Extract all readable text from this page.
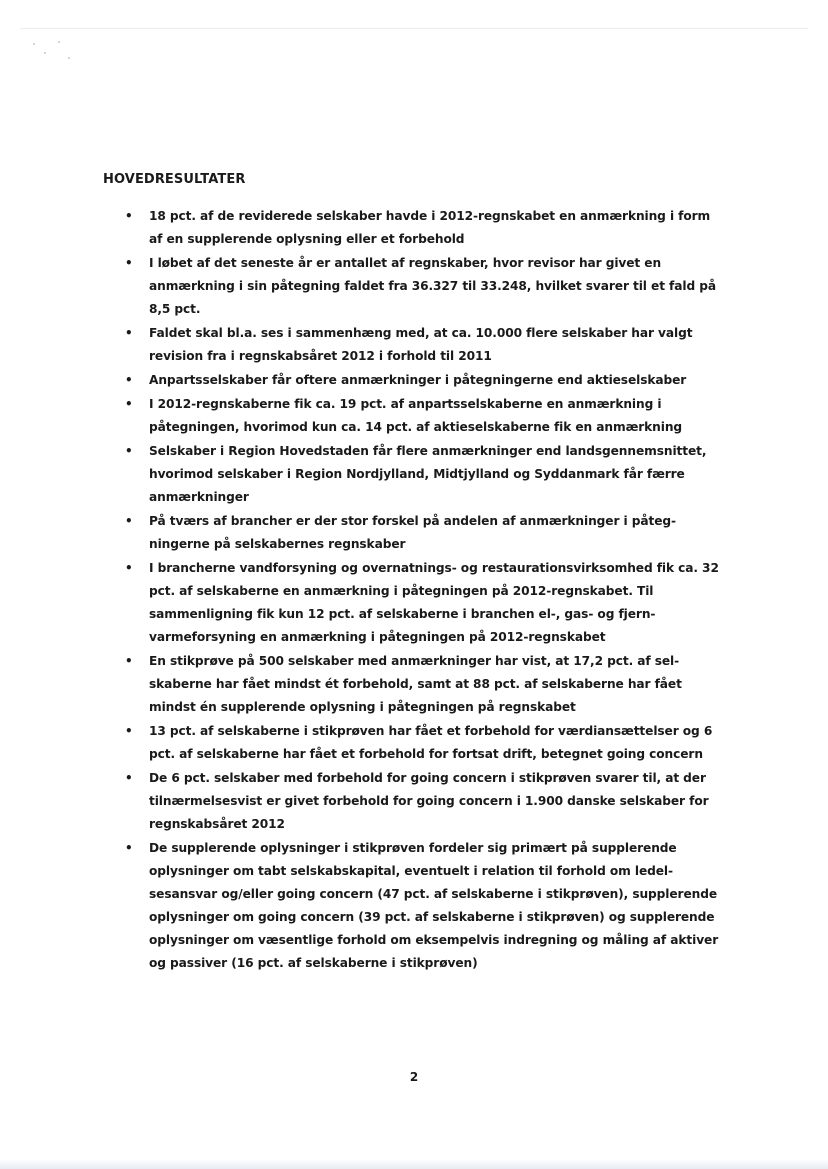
HOVEDRESULTATER
• 18 pct. af de reviderede selskaber havde i 2012-regnskabet en anmærkning i form af en supplerende oplysning eller et forbehold
• I løbet af det seneste år er antallet af regnskaber, hvor revisor har givet en anmærkning i sin påtegning faldet fra 36.327 til 33.248, hvilket svarer til et fald på 8,5 pct.
• Faldet skal bl.a. ses i sammenhæng med, at ca. 10.000 flere selskaber har valgt revision fra i regnskabsåret 2012 i forhold til 2011
• Anpartsselskaber får oftere anmærkninger i påtegningerne end aktieselskaber
• I 2012-regnskaberne fik ca. 19 pct. af anpartsselskaberne en anmærkning i påtegningen, hvorimod kun ca. 14 pct. af aktieselskaberne fik en anmærkning
• Selskaber i Region Hovedstaden får flere anmærkninger end landsgennemsnittet, hvorimod selskaber i Region Nordjylland, Midtjylland og Syddanmark får færre anmærkninger
• På tværs af brancher er der stor forskel på andelen af anmærkninger i påtegningerne på selskabernes regnskaber
• I brancherne vandforsyning og overnatnings- og restaurationsvirksomhed fik ca. 32 pct. af selskaberne en anmærkning i påtegningen på 2012-regnskabet. Til sammenligning fik kun 12 pct. af selskaberne i branchen el-, gas- og fjernvarmeforsyning en anmærkning i påtegningen på 2012-regnskabet
• En stikprøve på 500 selskaber med anmærkninger har vist, at 17,2 pct. af selskaberne har fået mindst ét forbehold, samt at 88 pct. af selskaberne har fået mindst én supplerende oplysning i påtegningen på regnskabet
• 13 pct. af selskaberne i stikprøven har fået et forbehold for værdiansættelser og 6 pct. af selskaberne har fået et forbehold for fortsat drift, betegnet going concern
• De 6 pct. selskaber med forbehold for going concern i stikprøven svarer til, at der tilnærmelsesvist er givet forbehold for going concern i 1.900 danske selskaber for regnskabsåret 2012
• De supplerende oplysninger i stikprøven fordeler sig primært på supplerende oplysninger om tabt selskabskapital, eventuelt i relation til forhold om ledelsesansvar og/eller going concern (47 pct. af selskaberne i stikprøven), supplerende oplysninger om going concern (39 pct. af selskaberne i stikprøven) og supplerende oplysninger om væsentlige forhold om eksempelvis indregning og måling af aktiver og passiver (16 pct. af selskaberne i stikprøven)
2
